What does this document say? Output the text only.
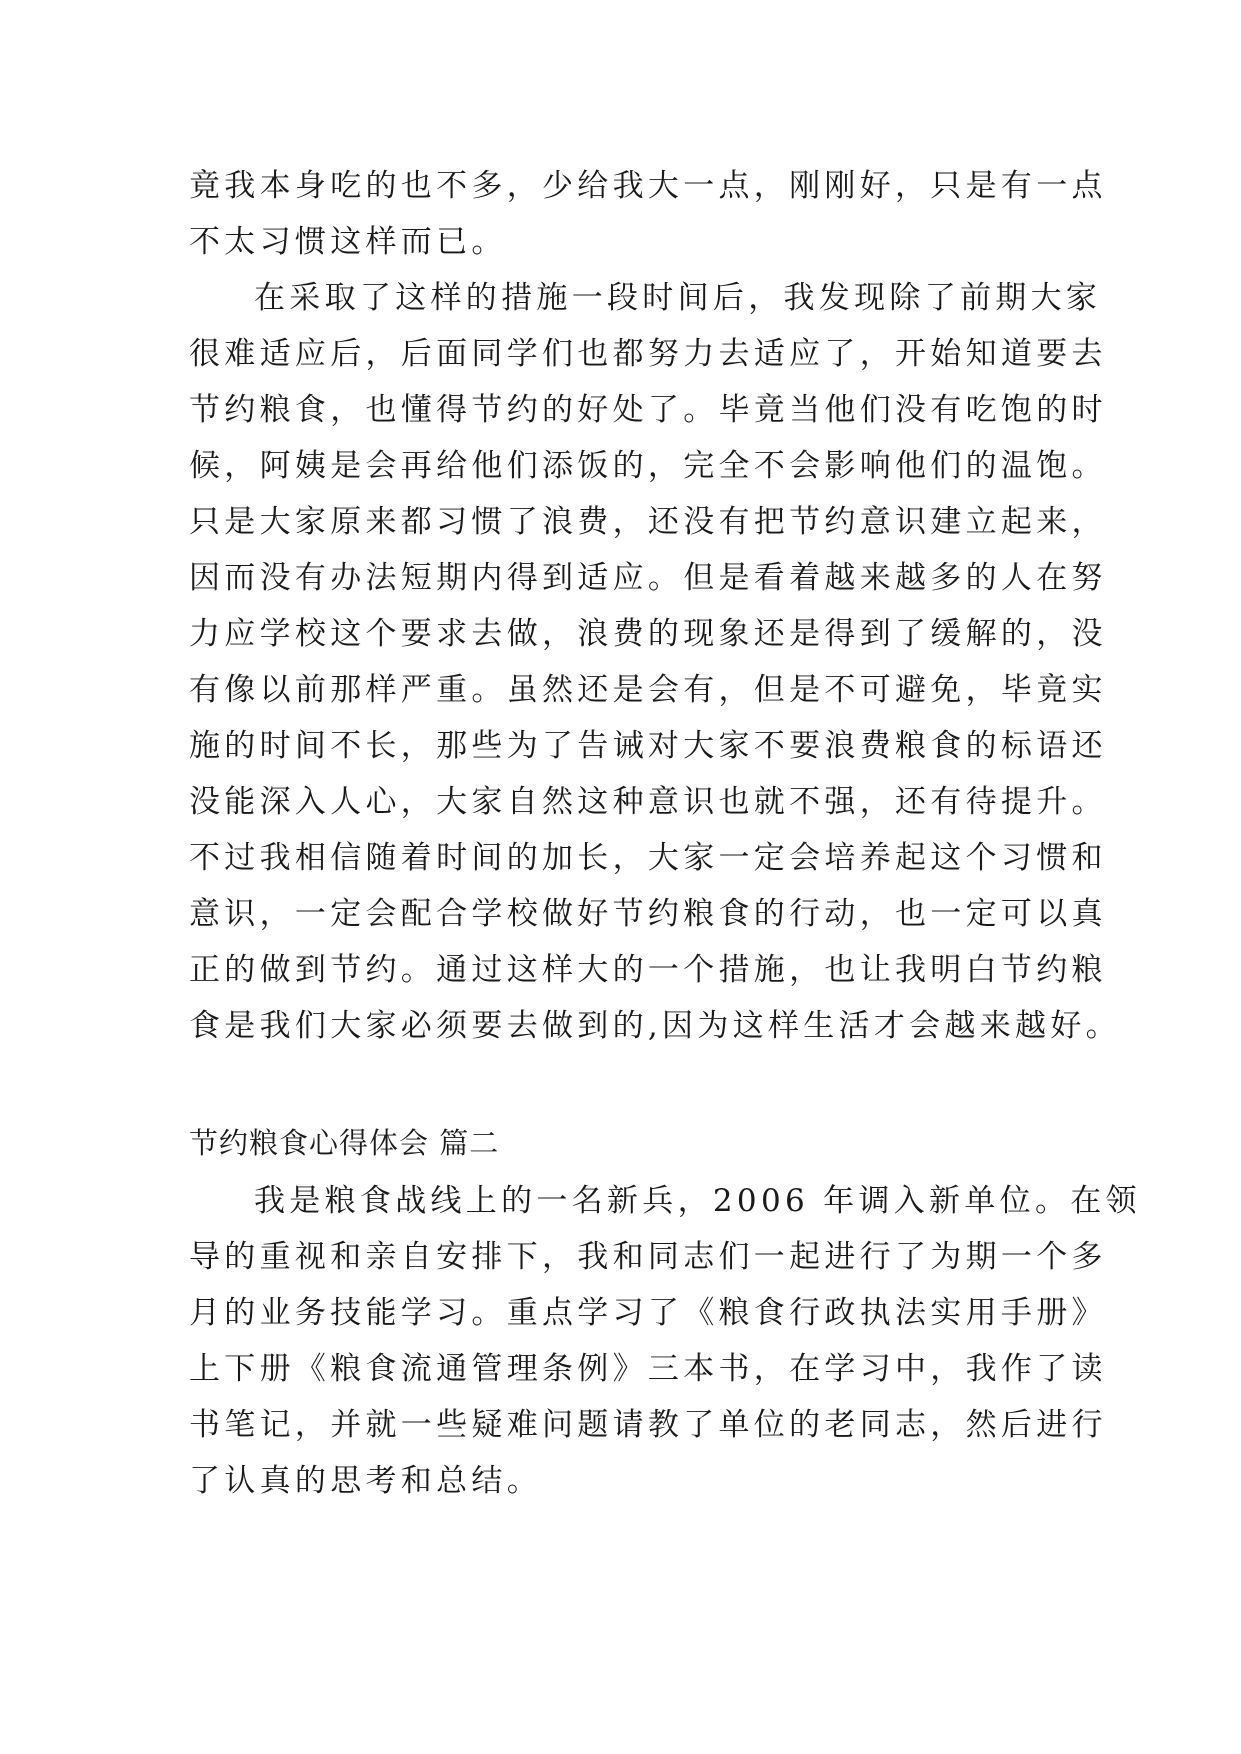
竟我本身吃的也不多，少给我大一点，刚刚好，只是有一点
不太习惯这样而已。
在采取了这样的措施一段时间后，我发现除了前期大家
很难适应后，后面同学们也都努力去适应了，开始知道要去
节约粮食，也懂得节约的好处了。毕竟当他们没有吃饱的时
候，阿姨是会再给他们添饭的，完全不会影响他们的温饱。
只是大家原来都习惯了浪费，还没有把节约意识建立起来，
因而没有办法短期内得到适应。但是看着越来越多的人在努
力应学校这个要求去做，浪费的现象还是得到了缓解的，没
有像以前那样严重。虽然还是会有，但是不可避免，毕竟实
施的时间不长，那些为了告诫对大家不要浪费粮食的标语还
没能深入人心，大家自然这种意识也就不强，还有待提升。
不过我相信随着时间的加长，大家一定会培养起这个习惯和
意识，一定会配合学校做好节约粮食的行动，也一定可以真
正的做到节约。通过这样大的一个措施，也让我明白节约粮
食是我们大家必须要去做到的,因为这样生活才会越来越好。
节约粮食心得体会 篇二
我是粮食战线上的一名新兵，2006 年调入新单位。在领
导的重视和亲自安排下，我和同志们一起进行了为期一个多
月的业务技能学习。重点学习了《粮食行政执法实用手册》
上下册《粮食流通管理条例》三本书，在学习中，我作了读
书笔记，并就一些疑难问题请教了单位的老同志，然后进行
了认真的思考和总结。
